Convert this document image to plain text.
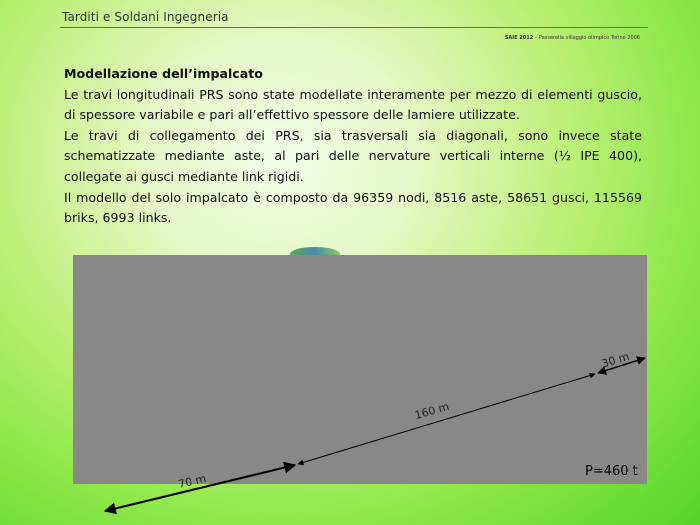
Tarditi e Soldani Ingegneria
SAIE 2012 – Passerella villaggio olimpico Torino 2006

Modellazione dell’impalcato

Le travi longitudinali PRS sono state modellate interamente per mezzo di elementi guscio, di spessore variabile e pari all’effettivo spessore delle lamiere utilizzate.

Le travi di collegamento dei PRS, sia trasversali sia diagonali, sono invece state schematizzate mediante aste, al pari delle nervature verticali interne (½ IPE 400), collegate ai gusci mediante link rigidi.

Il modello del solo impalcato è composto da 96359 nodi, 8516 aste, 58651 gusci, 115569 briks, 6993 links.

70 m
160 m
30 m
P=460 t
